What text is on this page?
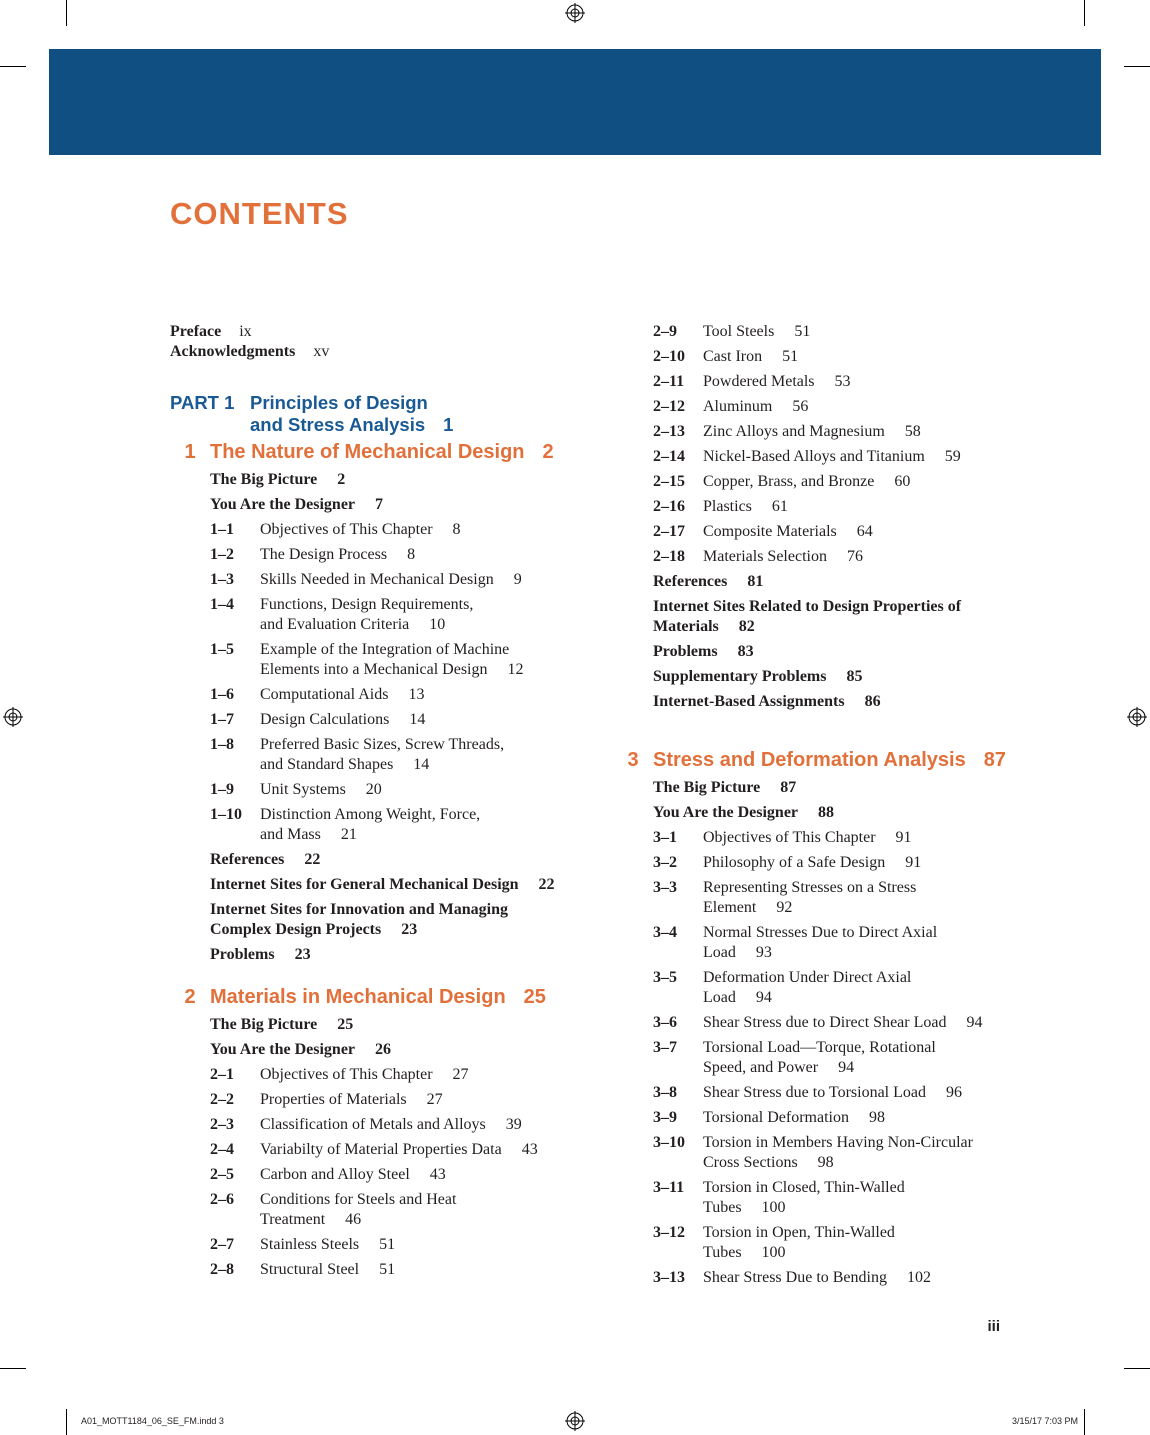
CONTENTS
Preface ix
Acknowledgments xv
PART 1 Principles of Design
and Stress Analysis 1
1 The Nature of Mechanical Design 2
The Big Picture  2
You Are the Designer  7
1–1	Objectives of This Chapter  8
1–2	The Design Process  8
1–3	Skills Needed in Mechanical Design  9
1–4	Functions, Design Requirements,
and Evaluation Criteria  10
1–5	Example of the Integration of Machine
Elements into a Mechanical Design  12
1–6	Computational Aids  13
1–7	Design Calculations  14
1–8	Preferred Basic Sizes, Screw Threads,
and Standard Shapes  14
1–9	Unit Systems  20
1–10	Distinction Among Weight, Force,
and Mass  21
References  22
Internet Sites for General Mechanical Design  22
Internet Sites for Innovation and Managing
Complex Design Projects  23
Problems  23
2 Materials in Mechanical Design 25
The Big Picture  25
You Are the Designer  26
2–1	Objectives of This Chapter  27
2–2	Properties of Materials  27
2–3	Classification of Metals and Alloys  39
2–4	Variabilty of Material Properties Data  43
2–5	Carbon and Alloy Steel  43
2–6	Conditions for Steels and Heat
Treatment  46
2–7	Stainless Steels  51
2–8	Structural Steel  51
2–9	Tool Steels  51
2–10	Cast Iron  51
2–11	Powdered Metals  53
2–12	Aluminum  56
2–13	Zinc Alloys and Magnesium  58
2–14	Nickel-Based Alloys and Titanium  59
2–15	Copper, Brass, and Bronze  60
2–16	Plastics  61
2–17	Composite Materials  64
2–18	Materials Selection  76
References  81
Internet Sites Related to Design Properties of
Materials  82
Problems  83
Supplementary Problems  85
Internet-Based Assignments  86
3 Stress and Deformation Analysis 87
The Big Picture  87
You Are the Designer  88
3–1	Objectives of This Chapter  91
3–2	Philosophy of a Safe Design  91
3–3	Representing Stresses on a Stress
Element  92
3–4	Normal Stresses Due to Direct Axial
Load  93
3–5	Deformation Under Direct Axial
Load  94
3–6	Shear Stress due to Direct Shear Load  94
3–7	Torsional Load—Torque, Rotational
Speed, and Power  94
3–8	Shear Stress due to Torsional Load  96
3–9	Torsional Deformation  98
3–10	Torsion in Members Having Non-Circular
Cross Sections  98
3–11	Torsion in Closed, Thin-Walled
Tubes  100
3–12	Torsion in Open, Thin-Walled
Tubes  100
3–13	Shear Stress Due to Bending  102
iii
A01_MOTT1184_06_SE_FM.indd 3	3/15/17 7:03 PM
